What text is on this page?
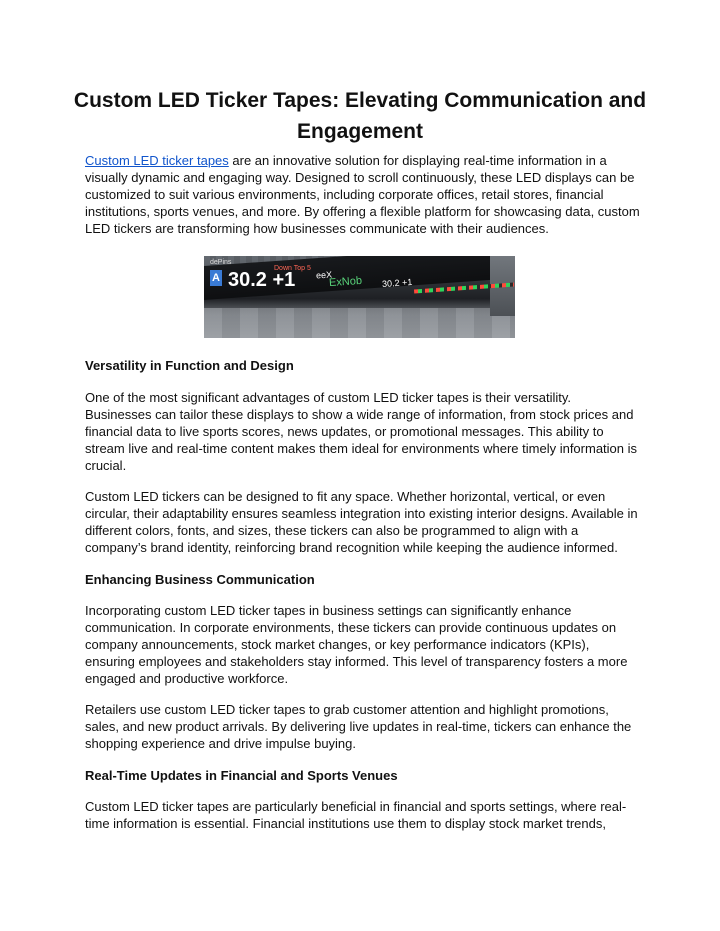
Custom LED Ticker Tapes: Elevating Communication and Engagement

Custom LED ticker tapes are an innovative solution for displaying real-time information in a visually dynamic and engaging way. Designed to scroll continuously, these LED displays can be customized to suit various environments, including corporate offices, retail stores, financial institutions, sports venues, and more. By offering a flexible platform for showcasing data, custom LED tickers are transforming how businesses communicate with their audiences.

dePins
A 30.2 +1
Down Top 5
eeX
ExNob 30.2 +1
Versatility in Function and Design

One of the most significant advantages of custom LED ticker tapes is their versatility. Businesses can tailor these displays to show a wide range of information, from stock prices and financial data to live sports scores, news updates, or promotional messages. This ability to stream live and real-time content makes them ideal for environments where timely information is crucial.

Custom LED tickers can be designed to fit any space. Whether horizontal, vertical, or even circular, their adaptability ensures seamless integration into existing interior designs. Available in different colors, fonts, and sizes, these tickers can also be programmed to align with a company’s brand identity, reinforcing brand recognition while keeping the audience informed.

Enhancing Business Communication

Incorporating custom LED ticker tapes in business settings can significantly enhance communication. In corporate environments, these tickers can provide continuous updates on company announcements, stock market changes, or key performance indicators (KPIs), ensuring employees and stakeholders stay informed. This level of transparency fosters a more engaged and productive workforce.

Retailers use custom LED ticker tapes to grab customer attention and highlight promotions, sales, and new product arrivals. By delivering live updates in real-time, tickers can enhance the shopping experience and drive impulse buying.

Real-Time Updates in Financial and Sports Venues

Custom LED ticker tapes are particularly beneficial in financial and sports settings, where real-time information is essential. Financial institutions use them to display stock market trends,
